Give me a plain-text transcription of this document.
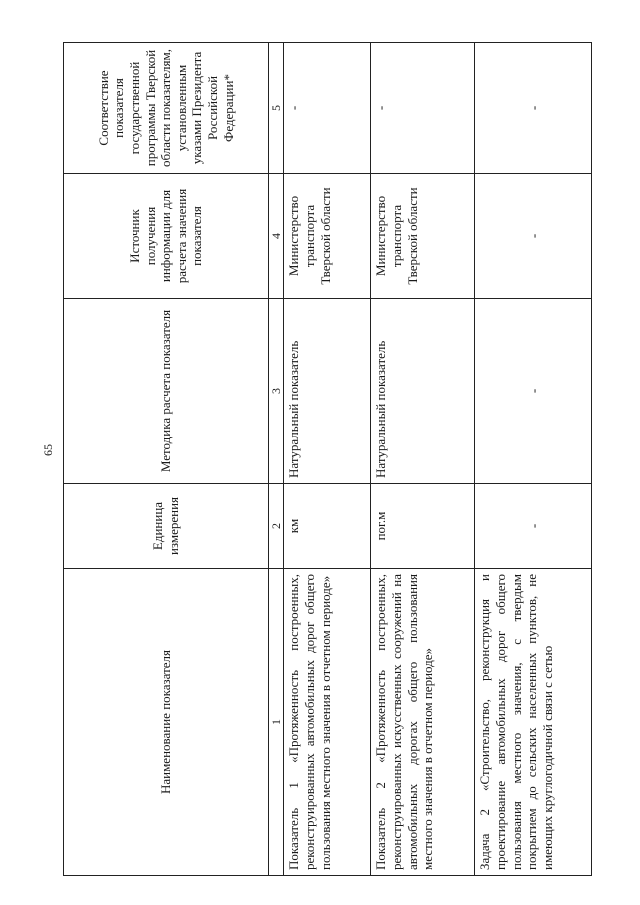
65
Наименование показателя	Единица измерения	Методика расчета показателя	Источник получения информации для расчета значения показателя	Соответствие показателя государственной программы Тверской области показателям, установленным указами Президента Российской Федерации*
1	2	3	4	5
Показатель 1 «Протяженность построенных, реконструированных автомобильных дорог общего пользования местного значения в отчетном периоде»	км	Натуральный показатель	Министерство транспорта Тверской области	-
Показатель 2 «Протяженность построенных, реконструированных искусственных сооружений на автомобильных дорогах общего пользования местного значения в отчетном периоде»	пог.м	Натуральный показатель	Министерство транспорта Тверской области	-
Задача 2 «Строительство, реконструкция и проектирование автомобильных дорог общего пользования местного значения, с твердым покрытием до сельских населенных пунктов, не имеющих круглогодичной связи с сетью	-	-	-	-
